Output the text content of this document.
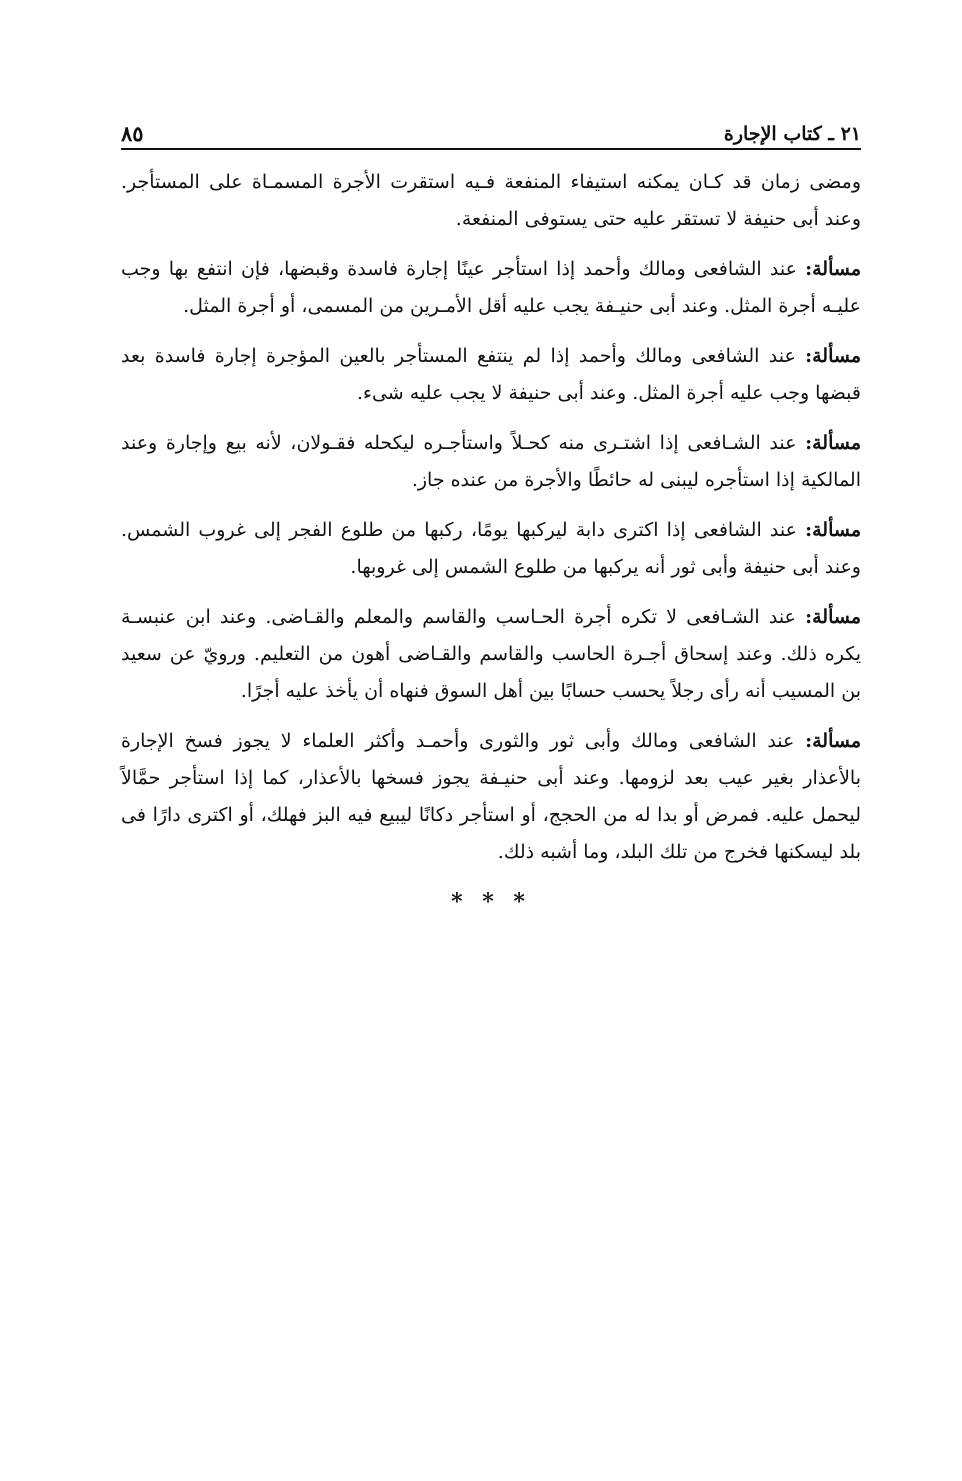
٢١ ـ كتاب الإجارة
٨٥

ومضى زمان قد كـان يمكنه استيفاء المنفعة فـيه استقرت الأجرة المسمـاة على المستأجر. وعند أبى حنيفة لا تستقر عليه حتى يستوفى المنفعة.

مسألة: عند الشافعى ومالك وأحمد إذا استأجر عينًا إجارة فاسدة وقبضها، فإن انتفع بها وجب عليـه أجرة المثل. وعند أبى حنيـفة يجب عليه أقل الأمـرين من المسمى، أو أجرة المثل.

مسألة: عند الشافعى ومالك وأحمد إذا لم ينتفع المستأجر بالعين المؤجرة إجارة فاسدة بعد قبضها وجب عليه أجرة المثل. وعند أبى حنيفة لا يجب عليه شىء.

مسألة: عند الشـافعى إذا اشتـرى منه كحـلاً واستأجـره ليكحله فقـولان، لأنه بيع وإجارة وعند المالكية إذا استأجره ليبنى له حائطًا والأجرة من عنده جاز.

مسألة: عند الشافعى إذا اكترى دابة ليركبها يومًا، ركبها من طلوع الفجر إلى غروب الشمس. وعند أبى حنيفة وأبى ثور أنه يركبها من طلوع الشمس إلى غروبها.

مسألة: عند الشـافعى لا تكره أجرة الحـاسب والقاسم والمعلم والقـاضى. وعند ابن عنبسـة يكره ذلك. وعند إسحاق أجـرة الحاسب والقاسم والقـاضى أهون من التعليم. ورويّ عن سعيد بن المسيب أنه رأى رجلاً يحسب حسابًا بين أهل السوق فنهاه أن يأخذ عليه أجرًا.

مسألة: عند الشافعى ومالك وأبى ثور والثورى وأحمـد وأكثر العلماء لا يجوز فسخ الإجارة بالأعذار بغير عيب بعد لزومها. وعند أبى حنيـفة يجوز فسخها بالأعذار، كما إذا استأجر حمَّالاً ليحمل عليه. فمرض أو بدا له من الحجج، أو استأجر دكانًا ليبيع فيه البز فهلك، أو اكترى دارًا فى بلد ليسكنها فخرج من تلك البلد، وما أشبه ذلك.

* * *
